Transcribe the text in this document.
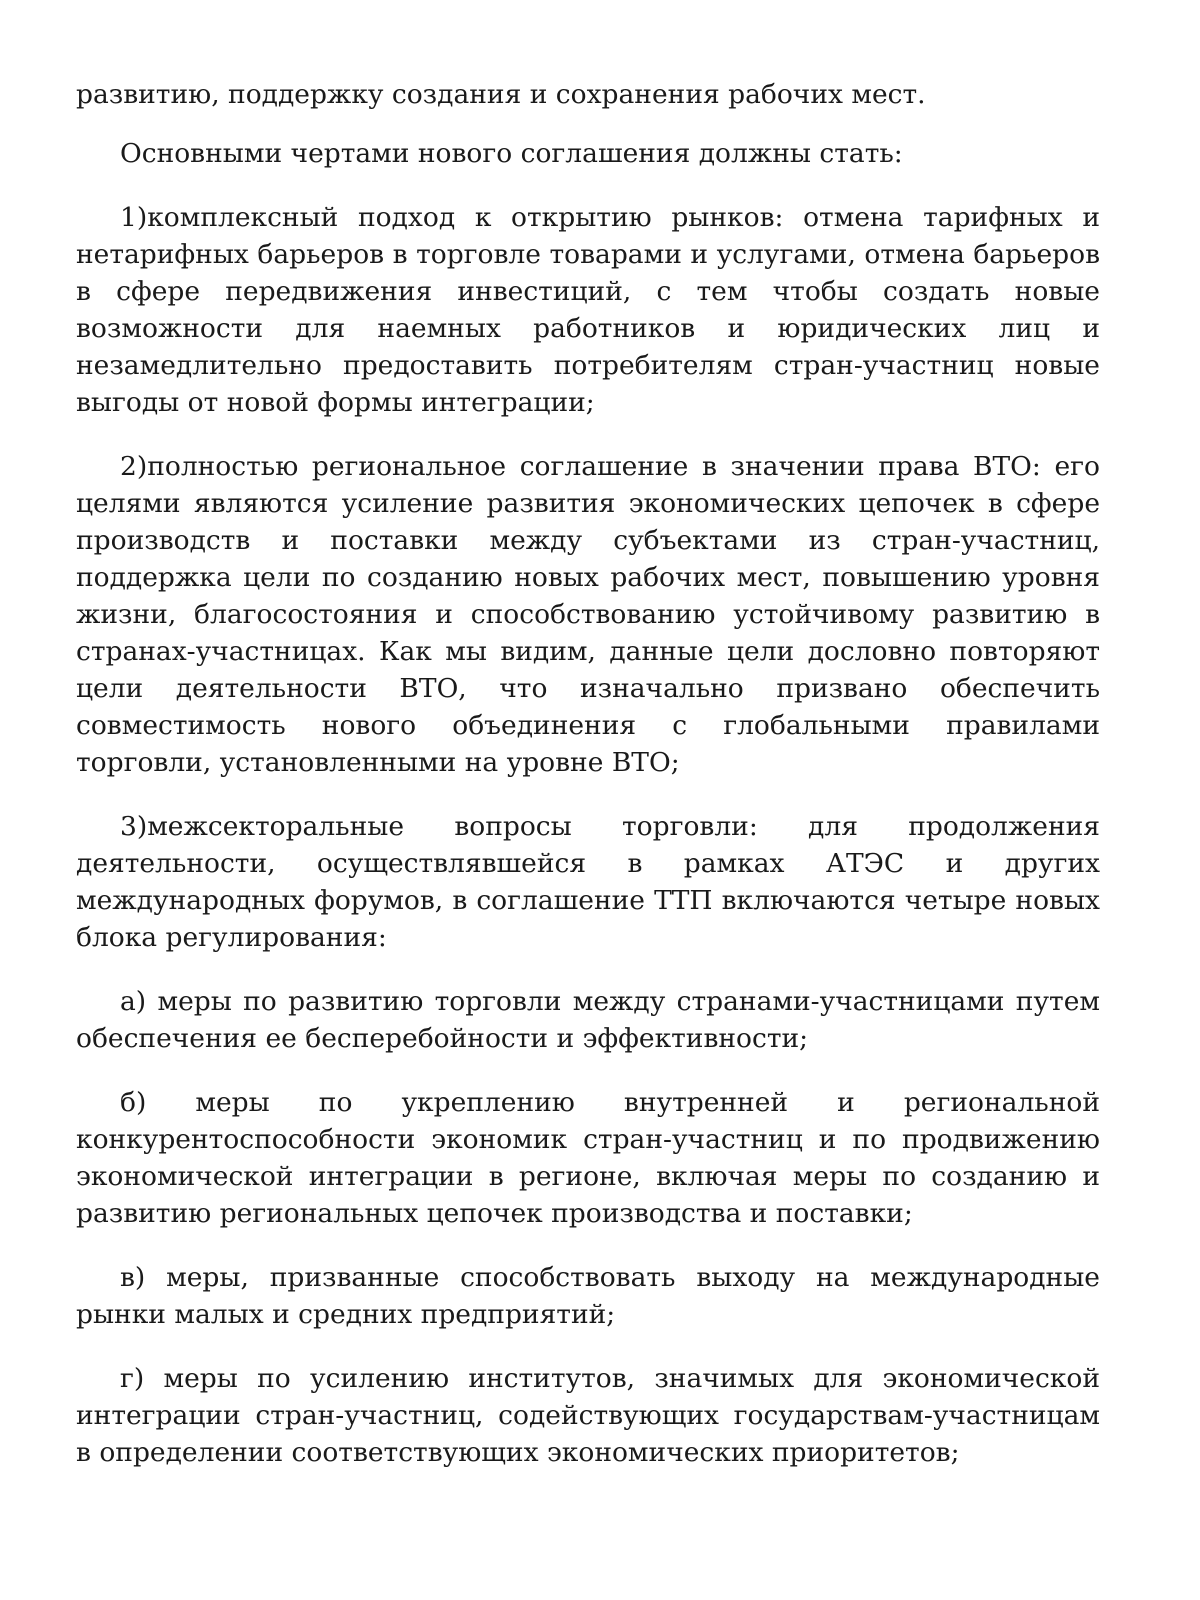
развитию, поддержку создания и сохранения рабочих мест.

Основными чертами нового соглашения должны стать:

1)комплексный подход к открытию рынков: отмена тарифных и нетарифных барьеров в торговле товарами и услугами, отмена барьеров в сфере передвижения инвестиций, с тем чтобы создать новые возможности для наемных работников и юридических лиц и незамедлительно предоставить потребителям стран-участниц новые выгоды от новой формы интеграции;

2)полностью региональное соглашение в значении права ВТО: его целями являются усиление развития экономических цепочек в сфере производств и поставки между субъектами из стран-участниц, поддержка цели по созданию новых рабочих мест, повышению уровня жизни, благосостояния и способствованию устойчивому развитию в странах-участницах. Как мы видим, данные цели дословно повторяют цели деятельности ВТО, что изначально призвано обеспечить совместимость нового объединения с глобальными правилами торговли, установленными на уровне ВТО;

3)межсекторальные вопросы торговли: для продолжения деятельности, осуществлявшейся в рамках АТЭС и других международных форумов, в соглашение ТТП включаются четыре новых блока регулирования:

а) меры по развитию торговли между странами-участницами путем обеспечения ее бесперебойности и эффективности;

б) меры по укреплению внутренней и региональной конкурентоспособности экономик стран-участниц и по продвижению экономической интеграции в регионе, включая меры по созданию и развитию региональных цепочек производства и поставки;

в) меры, призванные способствовать выходу на международные рынки малых и средних предприятий;

г) меры по усилению институтов, значимых для экономической интеграции стран-участниц, содействующих государствам-участницам в определении соответствующих экономических приоритетов;
